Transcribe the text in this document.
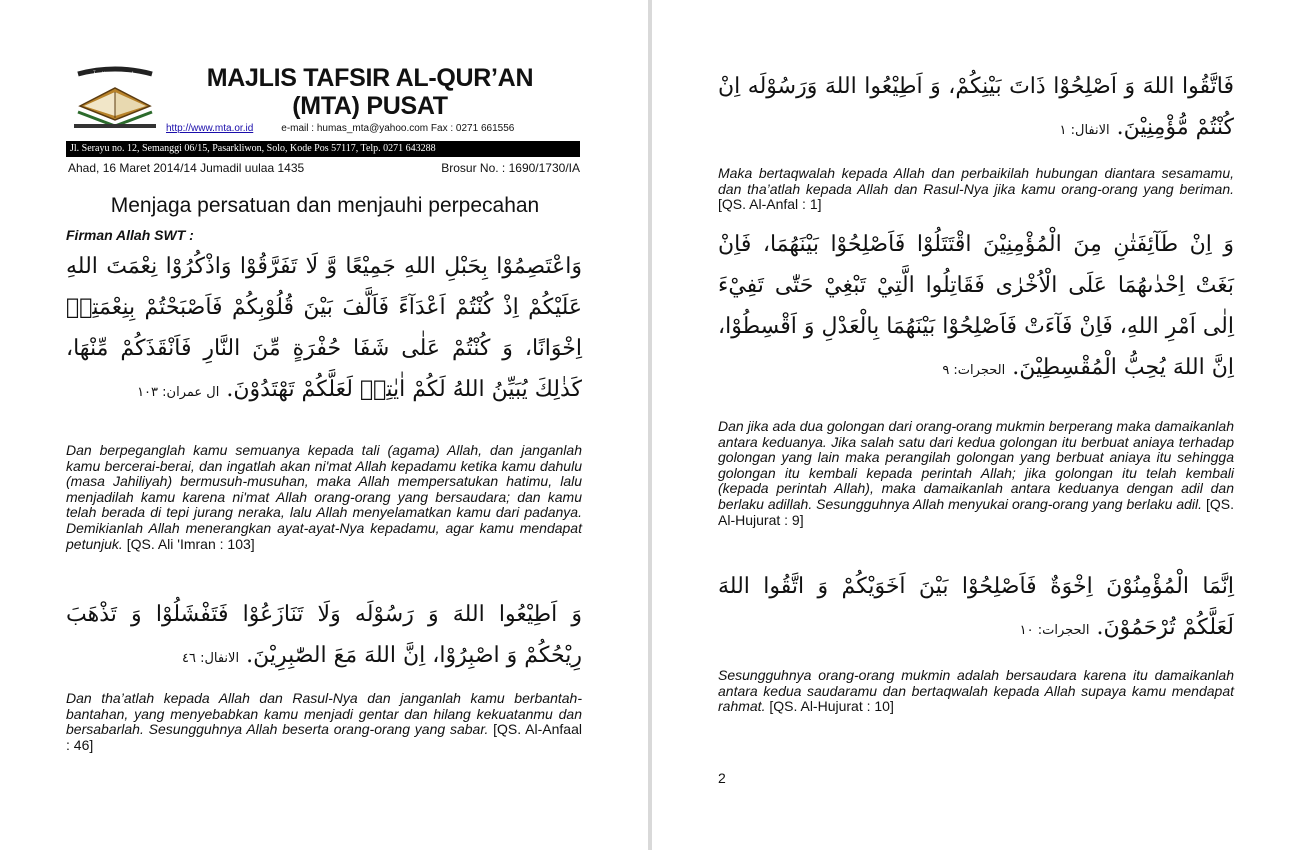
مجلس تفسير القرآن	MAJLIS TAFSIR AL-QUR’AN
(MTA) PUSAT
http://www.mta.or.id	e-mail : humas_mta@yahoo.com Fax : 0271 661556
Jl. Serayu no. 12, Semanggi 06/15, Pasarkliwon, Solo, Kode Pos 57117, Telp. 0271 643288
Ahad, 16 Maret 2014/14 Jumadil uulaa 1435	Brosur No. : 1690/1730/IA
Menjaga persatuan dan menjauhi perpecahan
Firman Allah SWT :
وَاعْتَصِمُوْا بِحَبْلِ اللهِ جَمِيْعًا وَّ لَا تَفَرَّقُوْا وَاذْكُرُوْا نِعْمَتَ اللهِ عَلَيْكُمْ اِذْ كُنْتُمْ اَعْدَآءً فَاَلَّفَ بَيْنَ قُلُوْبِكُمْ فَاَصْبَحْتُمْ بِنِعْمَتِهٖ اِخْوَانًا، وَ كُنْتُمْ عَلٰى شَفَا حُفْرَةٍ مِّنَ النَّارِ فَاَنْقَذَكُمْ مِّنْهَا، كَذٰلِكَ يُبَيِّنُ اللهُ لَكُمْ اٰيٰتِهٖ لَعَلَّكُمْ تَهْتَدُوْنَ. ال عمران: ١٠٣
Dan berpeganglah kamu semuanya kepada tali (agama) Allah, dan janganlah kamu bercerai-berai, dan ingatlah akan ni'mat Allah kepadamu ketika kamu dahulu (masa Jahiliyah) bermusuh-musuhan, maka Allah mempersatukan hatimu, lalu menjadilah kamu karena ni'mat Allah orang-orang yang bersaudara; dan kamu telah berada di tepi jurang neraka, lalu Allah menyelamatkan kamu dari padanya. Demikianlah Allah menerangkan ayat-ayat-Nya kepadamu, agar kamu mendapat petunjuk. [QS. Ali 'Imran : 103]
وَ اَطِيْعُوا اللهَ وَ رَسُوْلَه وَلَا تَنَازَعُوْا فَتَفْشَلُوْا وَ تَذْهَبَ رِيْحُكُمْ وَ اصْبِرُوْا، اِنَّ اللهَ مَعَ الصّٰبِرِيْنَ. الانفال: ٤٦
Dan tha’atlah kepada Allah dan Rasul-Nya dan janganlah kamu berbantah-bantahan, yang menyebabkan kamu menjadi gentar dan hilang kekuatanmu dan bersabarlah. Sesungguhnya Allah beserta orang-orang yang sabar. [QS. Al-Anfaal : 46]
فَاتَّقُوا اللهَ وَ اَصْلِحُوْا ذَاتَ بَيْنِكُمْ، وَ اَطِيْعُوا اللهَ وَرَسُوْلَه اِنْ كُنْتُمْ مُّؤْمِنِيْنَ. الانفال: ١
Maka bertaqwalah kepada Allah dan perbaikilah hubungan diantara sesamamu, dan tha’atlah kepada Allah dan Rasul-Nya jika kamu orang-orang yang beriman. [QS. Al-Anfal : 1]
وَ اِنْ طَآئِفَتٰنِ مِنَ الْمُؤْمِنِيْنَ اقْتَتَلُوْا فَاَصْلِحُوْا بَيْنَهُمَا، فَاِنْ بَغَتْ اِحْدٰىهُمَا عَلَى الْاُخْرٰى فَقَاتِلُوا الَّتِيْ تَبْغِيْ حَتّٰى تَفِيْءَ اِلٰى اَمْرِ اللهِ، فَاِنْ فَآءَتْ فَاَصْلِحُوْا بَيْنَهُمَا بِالْعَدْلِ وَ اَقْسِطُوْا، اِنَّ اللهَ يُحِبُّ الْمُقْسِطِيْنَ. الحجرات: ٩
Dan jika ada dua golongan dari orang-orang mukmin berperang maka damaikanlah antara keduanya. Jika salah satu dari kedua golongan itu berbuat aniaya terhadap golongan yang lain maka perangilah golongan yang berbuat aniaya itu sehingga golongan itu kembali kepada perintah Allah; jika golongan itu telah kembali (kepada perintah Allah), maka damaikanlah antara keduanya dengan adil dan berlaku adillah. Sesungguhnya Allah menyukai orang-orang yang berlaku adil. [QS. Al-Hujurat : 9]
اِنَّمَا الْمُؤْمِنُوْنَ اِخْوَةٌ فَاَصْلِحُوْا بَيْنَ اَخَوَيْكُمْ وَ اتَّقُوا اللهَ لَعَلَّكُمْ تُرْحَمُوْنَ. الحجرات: ١٠
Sesungguhnya orang-orang mukmin adalah bersaudara karena itu damaikanlah antara kedua saudaramu dan bertaqwalah kepada Allah supaya kamu mendapat rahmat. [QS. Al-Hujurat : 10]
2
